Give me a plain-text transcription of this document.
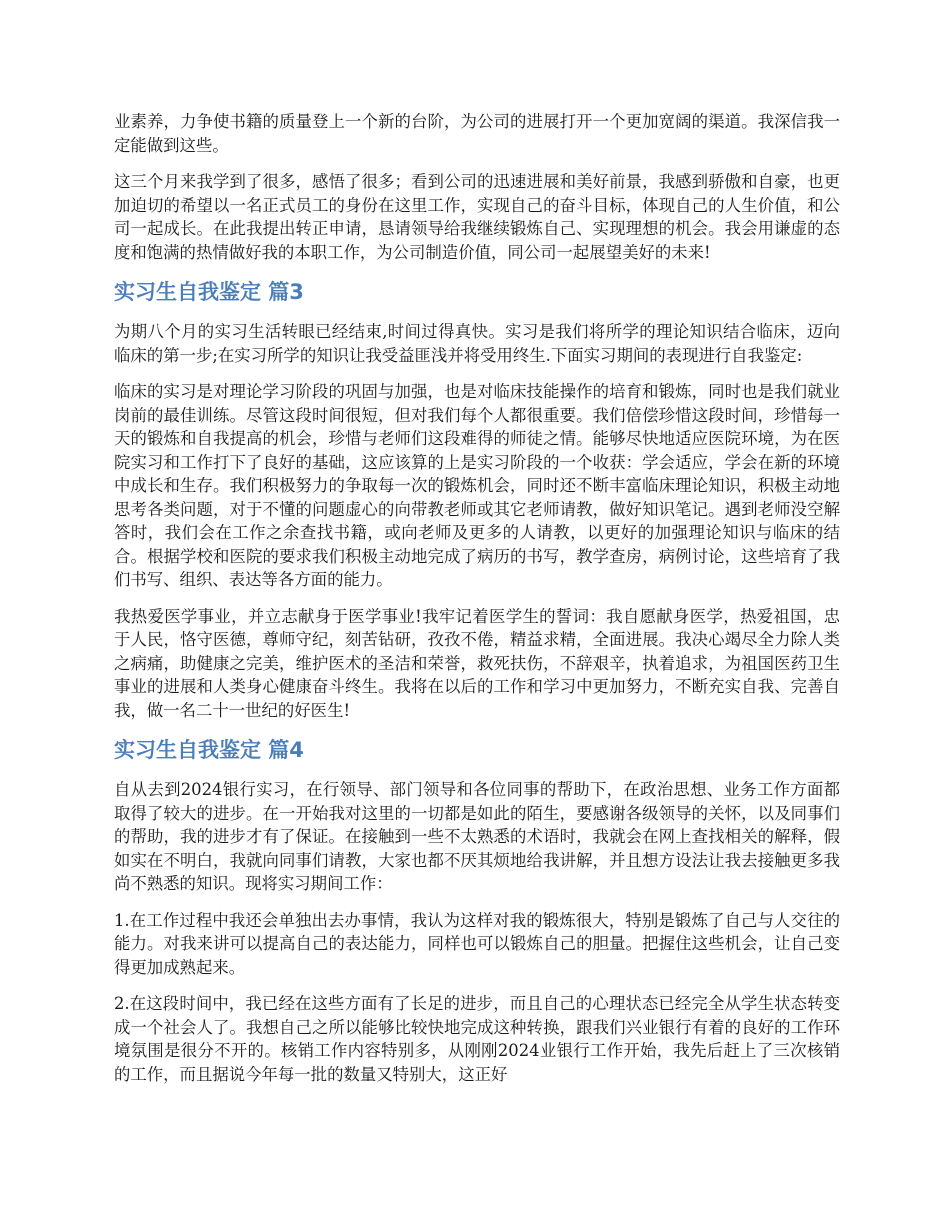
业素养，力争使书籍的质量登上一个新的台阶，为公司的进展打开一个更加宽阔的渠道。我深信我一定能做到这些。

这三个月来我学到了很多，感悟了很多；看到公司的迅速进展和美好前景，我感到骄傲和自豪，也更加迫切的希望以一名正式员工的身份在这里工作，实现自己的奋斗目标，体现自己的人生价值，和公司一起成长。在此我提出转正申请，恳请领导给我继续锻炼自己、实现理想的机会。我会用谦虚的态度和饱满的热情做好我的本职工作，为公司制造价值，同公司一起展望美好的未来!

实习生自我鉴定 篇3

为期八个月的实习生活转眼已经结束,时间过得真快。实习是我们将所学的理论知识结合临床，迈向临床的第一步;在实习所学的知识让我受益匪浅并将受用终生.下面实习期间的表现进行自我鉴定:

临床的实习是对理论学习阶段的巩固与加强，也是对临床技能操作的培育和锻炼，同时也是我们就业岗前的最佳训练。尽管这段时间很短，但对我们每个人都很重要。我们倍偿珍惜这段时间，珍惜每一天的锻炼和自我提高的机会，珍惜与老师们这段难得的师徒之情。能够尽快地适应医院环境，为在医院实习和工作打下了良好的基础，这应该算的上是实习阶段的一个收获：学会适应，学会在新的环境中成长和生存。我们积极努力的争取每一次的锻炼机会，同时还不断丰富临床理论知识，积极主动地思考各类问题，对于不懂的问题虚心的向带教老师或其它老师请教，做好知识笔记。遇到老师没空解答时，我们会在工作之余查找书籍，或向老师及更多的人请教，以更好的加强理论知识与临床的结合。根据学校和医院的要求我们积极主动地完成了病历的书写，教学查房，病例讨论，这些培育了我们书写、组织、表达等各方面的能力。

我热爱医学事业，并立志献身于医学事业!我牢记着医学生的誓词：我自愿献身医学，热爱祖国，忠于人民，恪守医德，尊师守纪，刻苦钻研，孜孜不倦，精益求精，全面进展。我决心竭尽全力除人类之病痛，助健康之完美，维护医术的圣洁和荣誉，救死扶伤，不辞艰辛，执着追求，为祖国医药卫生事业的进展和人类身心健康奋斗终生。我将在以后的工作和学习中更加努力，不断充实自我、完善自我，做一名二十一世纪的好医生!

实习生自我鉴定 篇4

自从去到2024银行实习，在行领导、部门领导和各位同事的帮助下，在政治思想、业务工作方面都取得了较大的进步。在一开始我对这里的一切都是如此的陌生，要感谢各级领导的关怀，以及同事们的帮助，我的进步才有了保证。在接触到一些不太熟悉的术语时，我就会在网上查找相关的解释，假如实在不明白，我就向同事们请教，大家也都不厌其烦地给我讲解，并且想方设法让我去接触更多我尚不熟悉的知识。现将实习期间工作：

1.在工作过程中我还会单独出去办事情，我认为这样对我的锻炼很大，特别是锻炼了自己与人交往的能力。对我来讲可以提高自己的表达能力，同样也可以锻炼自己的胆量。把握住这些机会，让自己变得更加成熟起来。

2.在这段时间中，我已经在这些方面有了长足的进步，而且自己的心理状态已经完全从学生状态转变成一个社会人了。我想自己之所以能够比较快地完成这种转换，跟我们兴业银行有着的良好的工作环境氛围是很分不开的。核销工作内容特别多，从刚刚2024业银行工作开始，我先后赶上了三次核销的工作，而且据说今年每一批的数量又特别大，这正好
